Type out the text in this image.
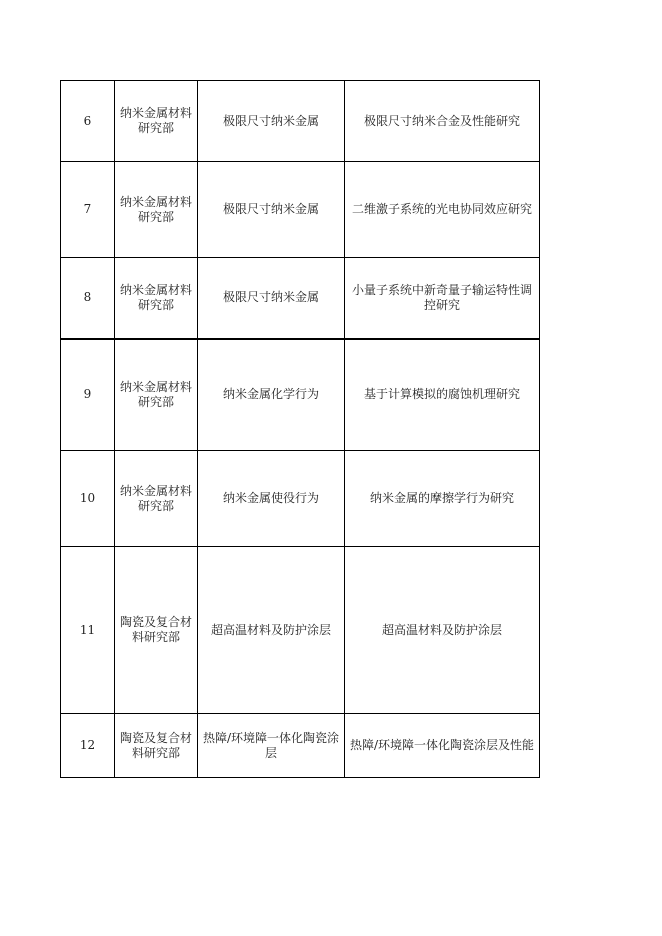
6	纳米金属材料研究部	极限尺寸纳米金属	极限尺寸纳米合金及性能研究
7	纳米金属材料研究部	极限尺寸纳米金属	二维激子系统的光电协同效应研究
8	纳米金属材料研究部	极限尺寸纳米金属	小量子系统中新奇量子输运特性调控研究
9	纳米金属材料研究部	纳米金属化学行为	基于计算模拟的腐蚀机理研究
10	纳米金属材料研究部	纳米金属使役行为	纳米金属的摩擦学行为研究
11	陶瓷及复合材料研究部	超高温材料及防护涂层	超高温材料及防护涂层
12	陶瓷及复合材料研究部	热障/环境障一体化陶瓷涂层	热障/环境障一体化陶瓷涂层及性能
